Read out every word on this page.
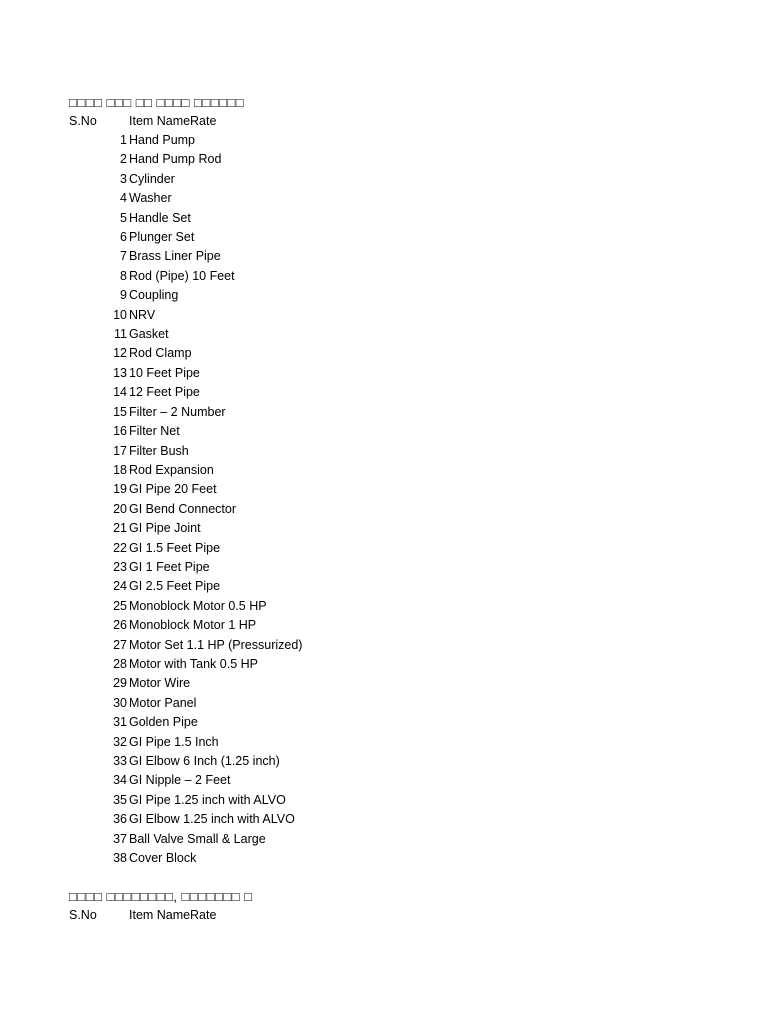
□□□□ □□□ □□ □□□□ □□□□□□
S.No	Item Name Rate
1 Hand Pump
2 Hand Pump Rod
3 Cylinder
4 Washer
5 Handle Set
6 Plunger Set
7 Brass Liner Pipe
8 Rod (Pipe) 10 Feet
9 Coupling
10 NRV
11 Gasket
12 Rod Clamp
13 10 Feet Pipe
14 12 Feet Pipe
15 Filter – 2 Number
16 Filter Net
17 Filter Bush
18 Rod Expansion
19 GI Pipe 20 Feet
20 GI Bend Connector
21 GI Pipe Joint
22 GI 1.5 Feet Pipe
23 GI 1 Feet Pipe
24 GI 2.5 Feet Pipe
25 Monoblock Motor 0.5 HP
26 Monoblock Motor 1 HP
27 Motor Set 1.1 HP (Pressurized)
28 Motor with Tank 0.5 HP
29 Motor Wire
30 Motor Panel
31 Golden Pipe
32 GI Pipe 1.5 Inch
33 GI Elbow 6 Inch (1.25 inch)
34 GI Nipple – 2 Feet
35 GI Pipe 1.25 inch with ALVO
36 GI Elbow 1.25 inch with ALVO
37 Ball Valve Small & Large
38 Cover Block
□□□□ □□□□□□□□, □□□□□□□ □
S.No	Item Name Rate
